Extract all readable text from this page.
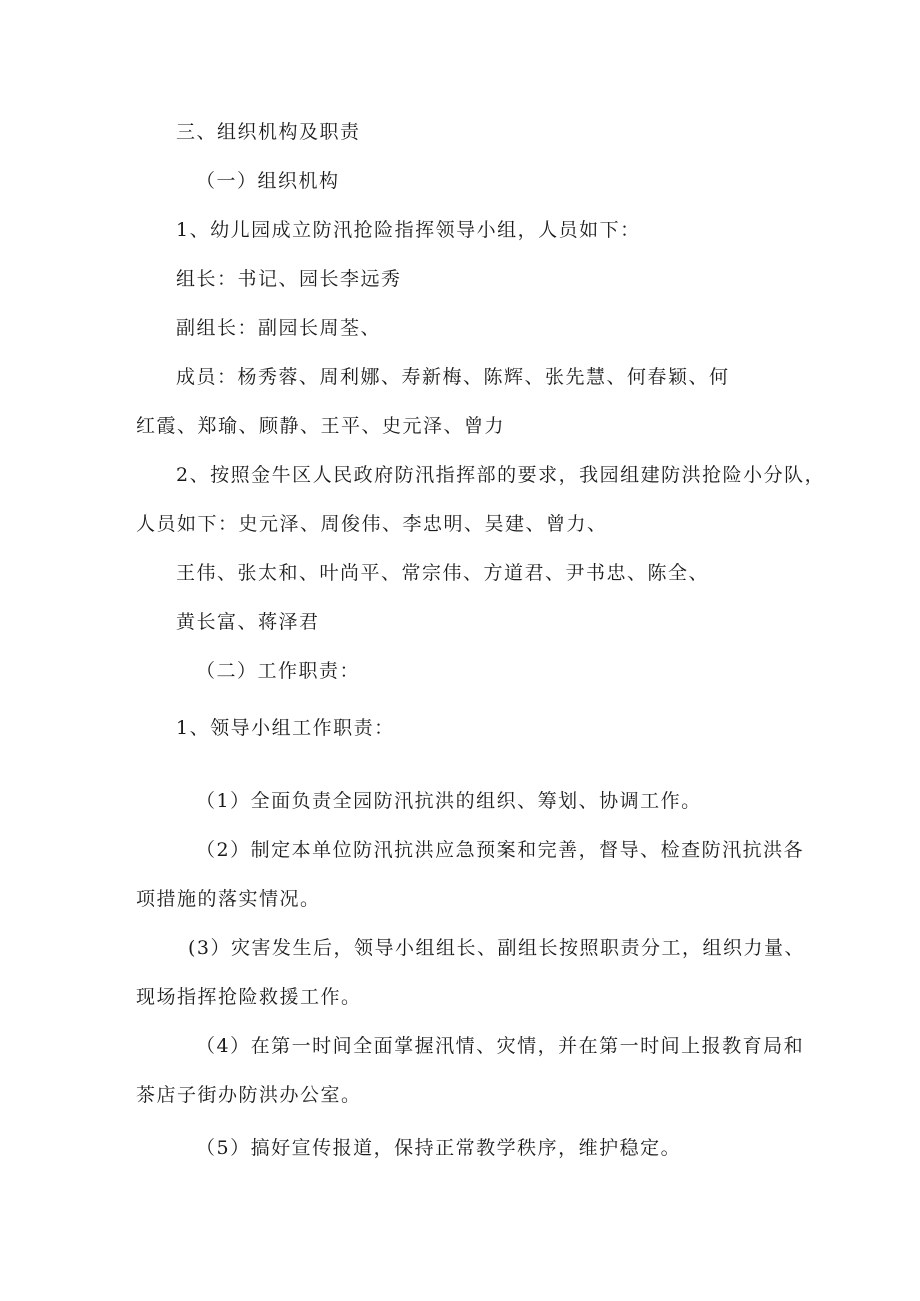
三、组织机构及职责
（一）组织机构
1、幼儿园成立防汛抢险指挥领导小组，人员如下：
组长：书记、园长李远秀
副组长：副园长周荃、
成员：杨秀蓉、周利娜、寿新梅、陈辉、张先慧、何春颖、何
红霞、郑瑜、顾静、王平、史元泽、曾力
2、按照金牛区人民政府防汛指挥部的要求，我园组建防洪抢险小分队，
人员如下：史元泽、周俊伟、李忠明、吴建、曾力、
王伟、张太和、叶尚平、常宗伟、方道君、尹书忠、陈全、
黄长富、蒋泽君
（二）工作职责：
1、领导小组工作职责：
（1）全面负责全园防汛抗洪的组织、筹划、协调工作。
（2）制定本单位防汛抗洪应急预案和完善，督导、检查防汛抗洪各
项措施的落实情况。
(3）灾害发生后，领导小组组长、副组长按照职责分工，组织力量、
现场指挥抢险救援工作。
（4）在第一时间全面掌握汛情、灾情，并在第一时间上报教育局和
茶店子街办防洪办公室。
（5）搞好宣传报道，保持正常教学秩序，维护稳定。
